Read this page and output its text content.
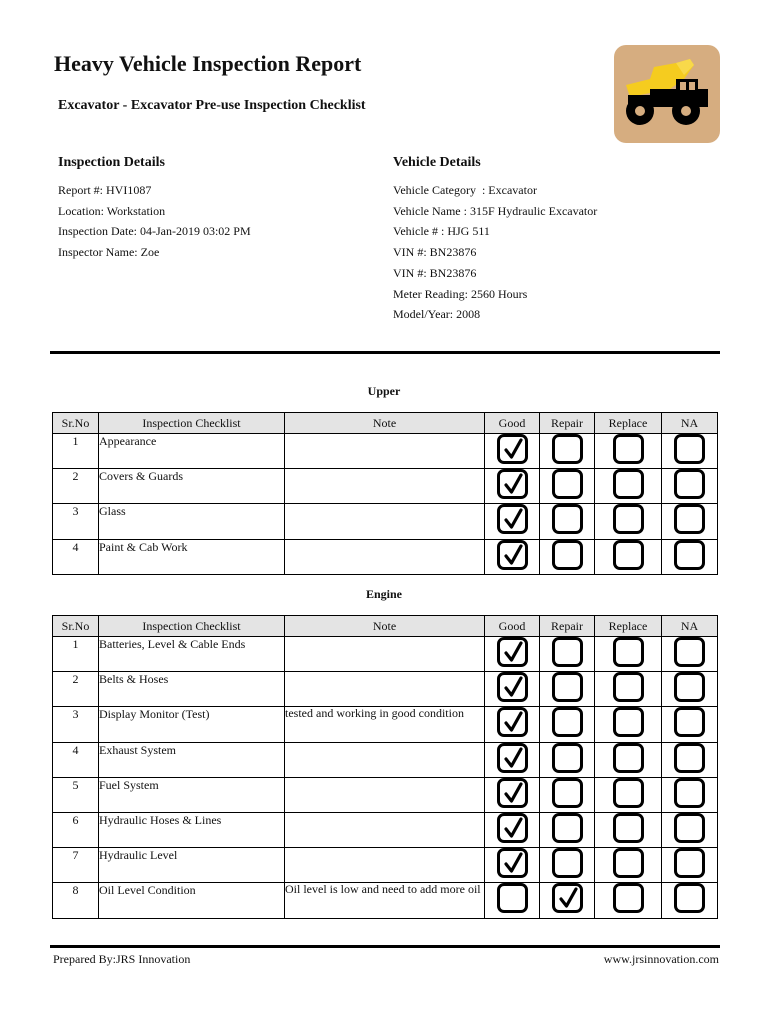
Heavy Vehicle Inspection Report
Excavator - Excavator Pre-use Inspection Checklist
Inspection Details	Vehicle Details
Report #: HVI1087
Location: Workstation
Inspection Date: 04-Jan-2019 03:02 PM
Inspector Name: Zoe
Vehicle Category  : Excavator
Vehicle Name : 315F Hydraulic Excavator
Vehicle # : HJG 511
VIN #: BN23876
VIN #: BN23876
Meter Reading: 2560 Hours
Model/Year: 2008
Upper
Sr.No	Inspection Checklist	Note	Good	Repair	Replace	NA
1	Appearance		

2	Covers & Guards		

3	Glass		

4	Paint & Cab Work		

Engine
Sr.No	Inspection Checklist	Note	Good	Repair	Replace	NA
1	Batteries, Level & Cable Ends		

2	Belts & Hoses		

3	Display Monitor (Test)	tested and working in good condition	

4	Exhaust System		

5	Fuel System		

6	Hydraulic Hoses & Lines		

7	Hydraulic Level		

8	Oil Level Condition	Oil level is low and need to add more oil		

Prepared By:JRS Innovation	www.jrsinnovation.com
